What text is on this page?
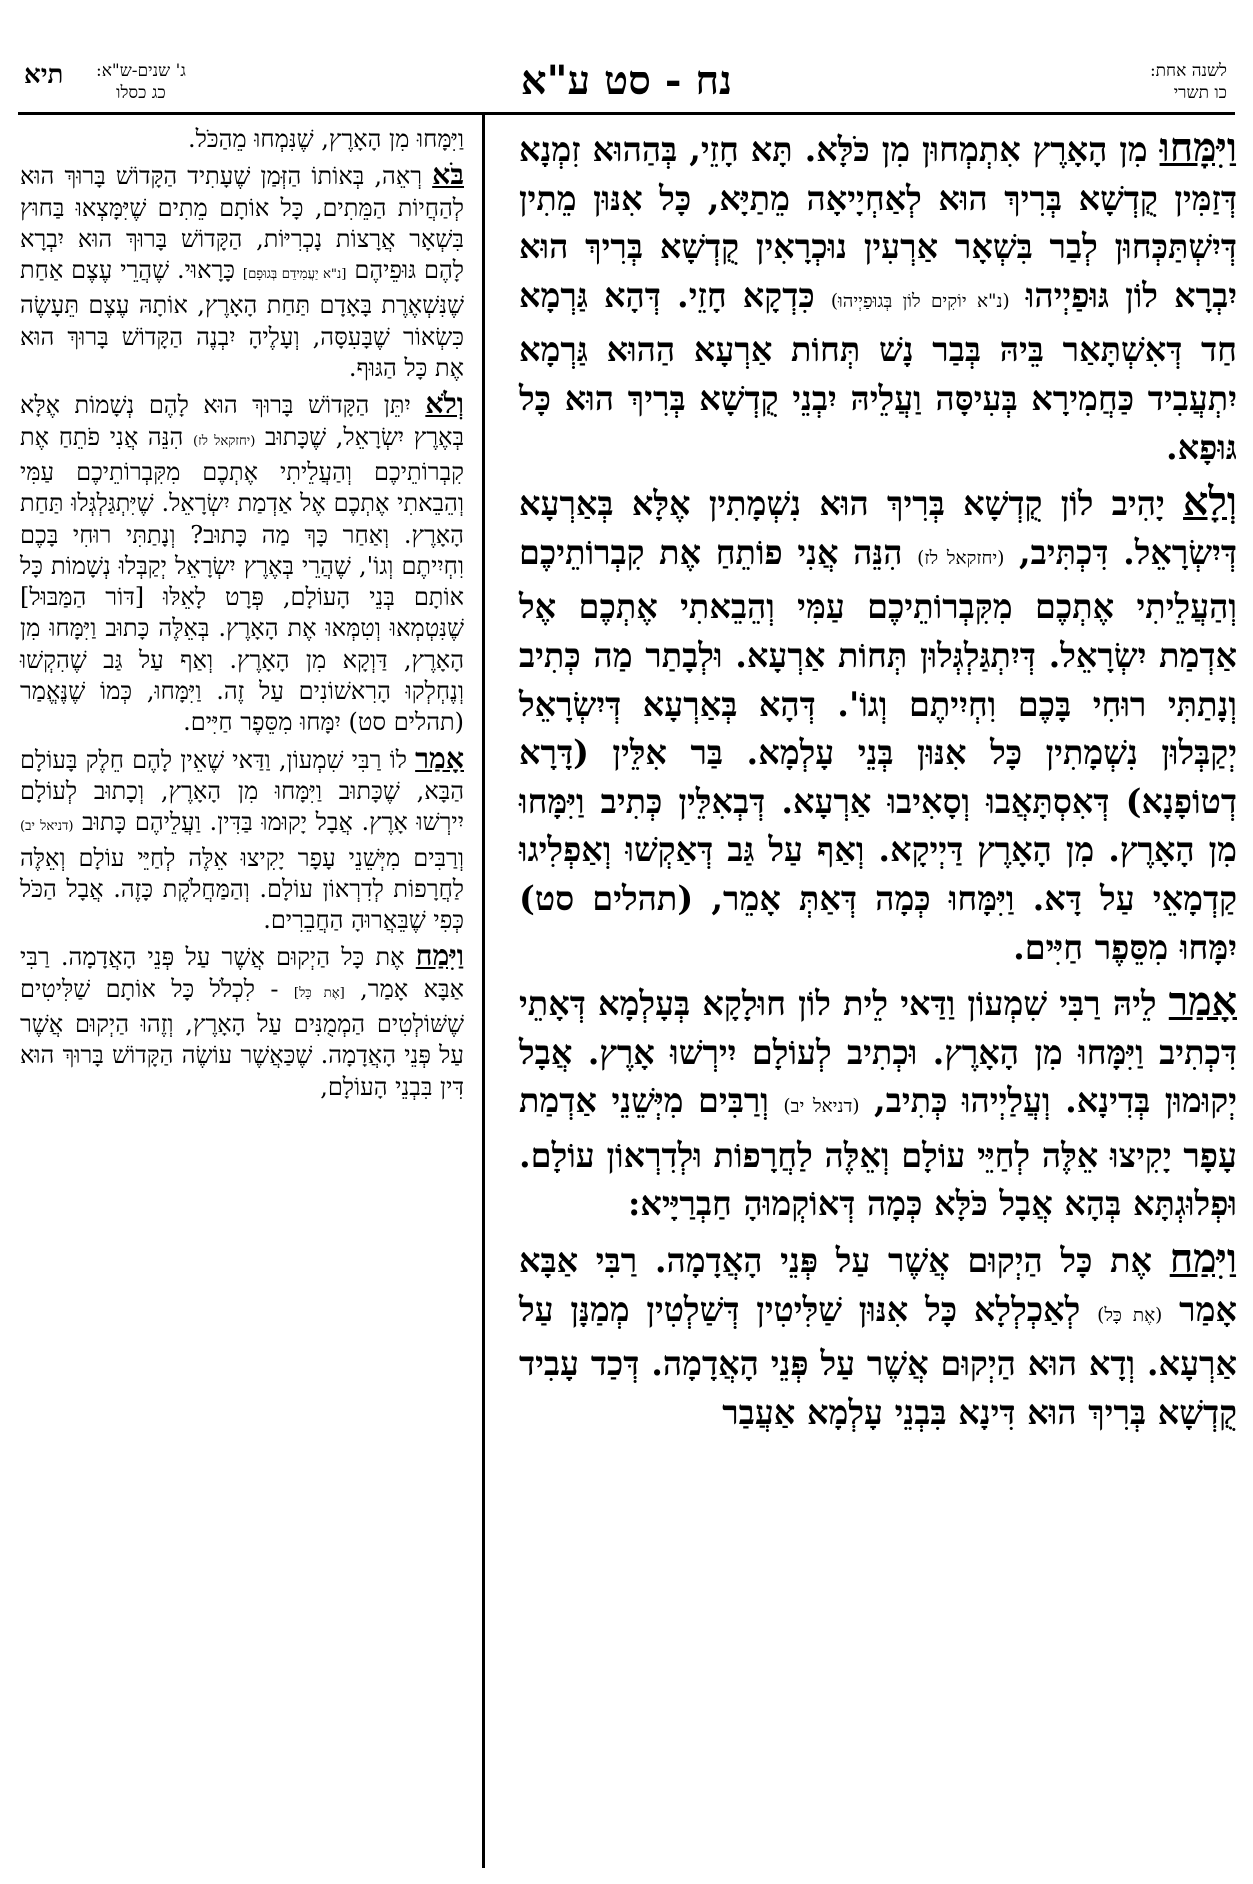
לשנה אחת:
כו תשרי
נח - סט ע"א
ג' שנים-ש"א:
כג כסלו
תיא
וַיִּמָּחוּ מִן הָאָרֶץ אִתְמְחוּן מִן כֹּלָּא. תָּא חָזֵי, בְּהַהוּא זִמְנָא דְּזַמִּין קֻדְשָׁא בְּרִיךְ הוּא לְאַחְיָיאָה מֵתַיָּא, כָּל אִנּוּן מֵתִין דְּיִשְׁתַּכְּחוּן לְבַר בִּשְׁאָר אַרְעִין נוּכְרָאִין קֻדְשָׁא בְּרִיךְ הוּא יִבְרָא לוֹן גּוּפַיְיהוּ (נ"א יוֹקִים לוֹן בְּגוּפַיְיהוּ) כִּדְקָא חָזֵי. דְּהָא גַּרְמָא חַד דְּאִשְׁתָּאַר בֵּיהּ בְּבַר נָשׁ תְּחוֹת אַרְעָא הַהוּא גַּרְמָא יִתְעֲבִיד כַּחֲמִירָא בְּעִיסָּה וַעֲלֵיהּ יִבְנֵי קֻדְשָׁא בְּרִיךְ הוּא כָּל גּוּפָא.
וְלָא יָהִיב לוֹן קֻדְשָׁא בְּרִיךְ הוּא נִשְׁמָתִין אֶלָּא בְּאַרְעָא דְּיִשְׂרָאֵל. דִּכְתִּיב, (יחזקאל לז) הִנֵּה אֲנִי פוֹתֵחַ אֶת קִבְרוֹתֵיכֶם וְהַעֲלֵיתִי אֶתְכֶם מִקִּבְרוֹתֵיכֶם עַמִּי וְהֵבֵאתִי אֶתְכֶם אֶל אַדְמַת יִשְׂרָאֵל. דְּיִתְגַּלְגְּלוּן תְּחוֹת אַרְעָא. וּלְבָתַר מַה כְּתִיב וְנָתַתִּי רוּחִי בָּכֶם וִחְיִיתֶם וְגוֹ'. דְּהָא בְּאַרְעָא דְּיִשְׂרָאֵל יְקַבְּלוּן נִשְׁמָתִין כָּל אִנּוּן בְּנֵי עָלְמָא. בַּר אִלֵּין (דָּרָא דְטוֹפָנָא) דְּאִסְתָּאֲבוּ וְסָאִיבוּ אַרְעָא. דְּבְאִלֵּין כְּתִיב וַיִּמָּחוּ מִן הָאָרֶץ. מִן הָאָרֶץ דַּיְיקָא. וְאַף עַל גַּב דְּאַקְשׁוּ וְאַפְלִיגוּ קַדְמָאֵי עַל דָּא. וַיִּמָּחוּ כְּמָה דְּאַתְּ אָמֵר, (תהלים סט) יִמָּחוּ מִסֵּפֶר חַיִּים.
אָמַר לֵיהּ רַבִּי שִׁמְעוֹן וַדַּאי לֵית לוֹן חוּלָקָא בְּעָלְמָא דְּאָתֵי דִּכְתִיב וַיִּמָּחוּ מִן הָאָרֶץ. וּכְתִיב לְעוֹלָם יִירְשׁוּ אָרֶץ. אֲבָל יְקוּמוּן בְּדִינָא. וְעֲלַיְיהוּ כְּתִיב, (דניאל יב) וְרַבִּים מִיְּשֵׁנֵי אַדְמַת עָפָר יָקִיצוּ אֵלֶּה לְחַיֵּי עוֹלָם וְאֵלֶּה לַחֲרָפוֹת וּלְדִרְאוֹן עוֹלָם. וּפְלוּגְתָּא בְּהָא אֲבָל כֹּלָּא כְּמָה דְּאוֹקְמוּהָ חַבְרַיָּיא:
וַיִּמַח אֶת כָּל הַיְקוּם אֲשֶׁר עַל פְּנֵי הָאֲדָמָה. רַבִּי אַבָּא אָמַר (אֶת כָּל) לְאַכְלְלָא כָּל אִנּוּן שַׁלִּיטִין דְּשַׁלְטִין מְמַנָּן עַל אַרְעָא. וְדָא הוּא הַיְקוּם אֲשֶׁר עַל פְּנֵי הָאֲדָמָה. דְּכַד עָבִיד קֻדְשָׁא בְּרִיךְ הוּא דִּינָא בִּבְנֵי עָלְמָא אַעֲבַר
וַיִּמָּחוּ מִן הָאָרֶץ, שֶׁנִּמְחוּ מֵהַכֹּל.
בֹּא רְאֵה, בְּאוֹתוֹ הַזְּמַן שֶׁעָתִיד הַקָּדוֹשׁ בָּרוּךְ הוּא לְהַחֲיוֹת הַמֵּתִים, כָּל אוֹתָם מֵתִים שֶׁיִּמָּצְאוּ בַּחוּץ בִּשְׁאָר אֲרָצוֹת נָכְרִיּוֹת, הַקָּדוֹשׁ בָּרוּךְ הוּא יִבְרָא לָהֶם גּוּפֵיהֶם [נ"א יַעֲמִידֵם בְּגוּפָם] כָּרָאוּי. שֶׁהֲרֵי עֶצֶם אַחַת שֶׁנִּשְׁאֶרֶת בָּאָדָם תַּחַת הָאָרֶץ, אוֹתָהּ עֶצֶם תֵּעָשֶׂה כִּשְׂאוֹר שֶׁבָּעִסָּה, וְעָלֶיהָ יִבְנֶה הַקָּדוֹשׁ בָּרוּךְ הוּא אֶת כָּל הַגּוּף.
וְלֹא יִתֵּן הַקָּדוֹשׁ בָּרוּךְ הוּא לָהֶם נְשָׁמוֹת אֶלָּא בְּאֶרֶץ יִשְׂרָאֵל, שֶׁכָּתוּב (יחזקאל לז) הִנֵּה אֲנִי פֹתֵחַ אֶת קִבְרוֹתֵיכֶם וְהַעֲלֵיתִי אֶתְכֶם מִקִּבְרוֹתֵיכֶם עַמִּי וְהֵבֵאתִי אֶתְכֶם אֶל אַדְמַת יִשְׂרָאֵל. שֶׁיִּתְגַּלְגְּלוּ תַּחַת הָאָרֶץ. וְאַחַר כָּךְ מַה כָּתוּב? וְנָתַתִּי רוּחִי בָּכֶם וִחְיִיתֶם וְגוֹ', שֶׁהֲרֵי בְּאֶרֶץ יִשְׂרָאֵל יְקַבְּלוּ נְשָׁמוֹת כָּל אוֹתָם בְּנֵי הָעוֹלָם, פְּרָט לָאֵלּוּ [דּוֹר הַמַּבּוּל] שֶׁנִּטְמְאוּ וְטִמְּאוּ אֶת הָאָרֶץ. בְּאֵלֶּה כָּתוּב וַיִּמָּחוּ מִן הָאָרֶץ, דַּוְקָא מִן הָאָרֶץ. וְאַף עַל גַּב שֶׁהִקְשׁוּ וְנֶחְלְקוּ הָרִאשׁוֹנִים עַל זֶה. וַיִּמָּחוּ, כְּמוֹ שֶׁנֶּאֱמַר (תהלים סט) יִמָּחוּ מִסֵּפֶר חַיִּים.
אָמַר לוֹ רַבִּי שִׁמְעוֹן, וַדַּאי שֶׁאֵין לָהֶם חֵלֶק בָּעוֹלָם הַבָּא, שֶׁכָּתוּב וַיִּמָּחוּ מִן הָאָרֶץ, וְכָתוּב לְעוֹלָם יִירְשׁוּ אָרֶץ. אֲבָל יָקוּמוּ בַּדִּין. וַעֲלֵיהֶם כָּתוּב (דניאל יב) וְרַבִּים מִיְּשֵׁנֵי עָפָר יָקִיצוּ אֵלֶּה לְחַיֵּי עוֹלָם וְאֵלֶּה לַחֲרָפוֹת לְדִרְאוֹן עוֹלָם. וְהַמַּחֲלֹקֶת כָּזֶה. אֲבָל הַכֹּל כְּפִי שֶׁבֵּאֲרוּהָ הַחֲבֵרִים.
וַיִּמַח אֶת כָּל הַיְקוּם אֲשֶׁר עַל פְּנֵי הָאֲדָמָה. רַבִּי אַבָּא אָמַר, [אֶת כָּל] - לִכְלֹל כָּל אוֹתָם שַׁלִּיטִים שֶׁשּׁוֹלְטִים הַמְמֻנִּים עַל הָאָרֶץ, וְזֶהוּ הַיְקוּם אֲשֶׁר עַל פְּנֵי הָאֲדָמָה. שֶׁכַּאֲשֶׁר עוֹשֶׂה הַקָּדוֹשׁ בָּרוּךְ הוּא דִּין בִּבְנֵי הָעוֹלָם,
